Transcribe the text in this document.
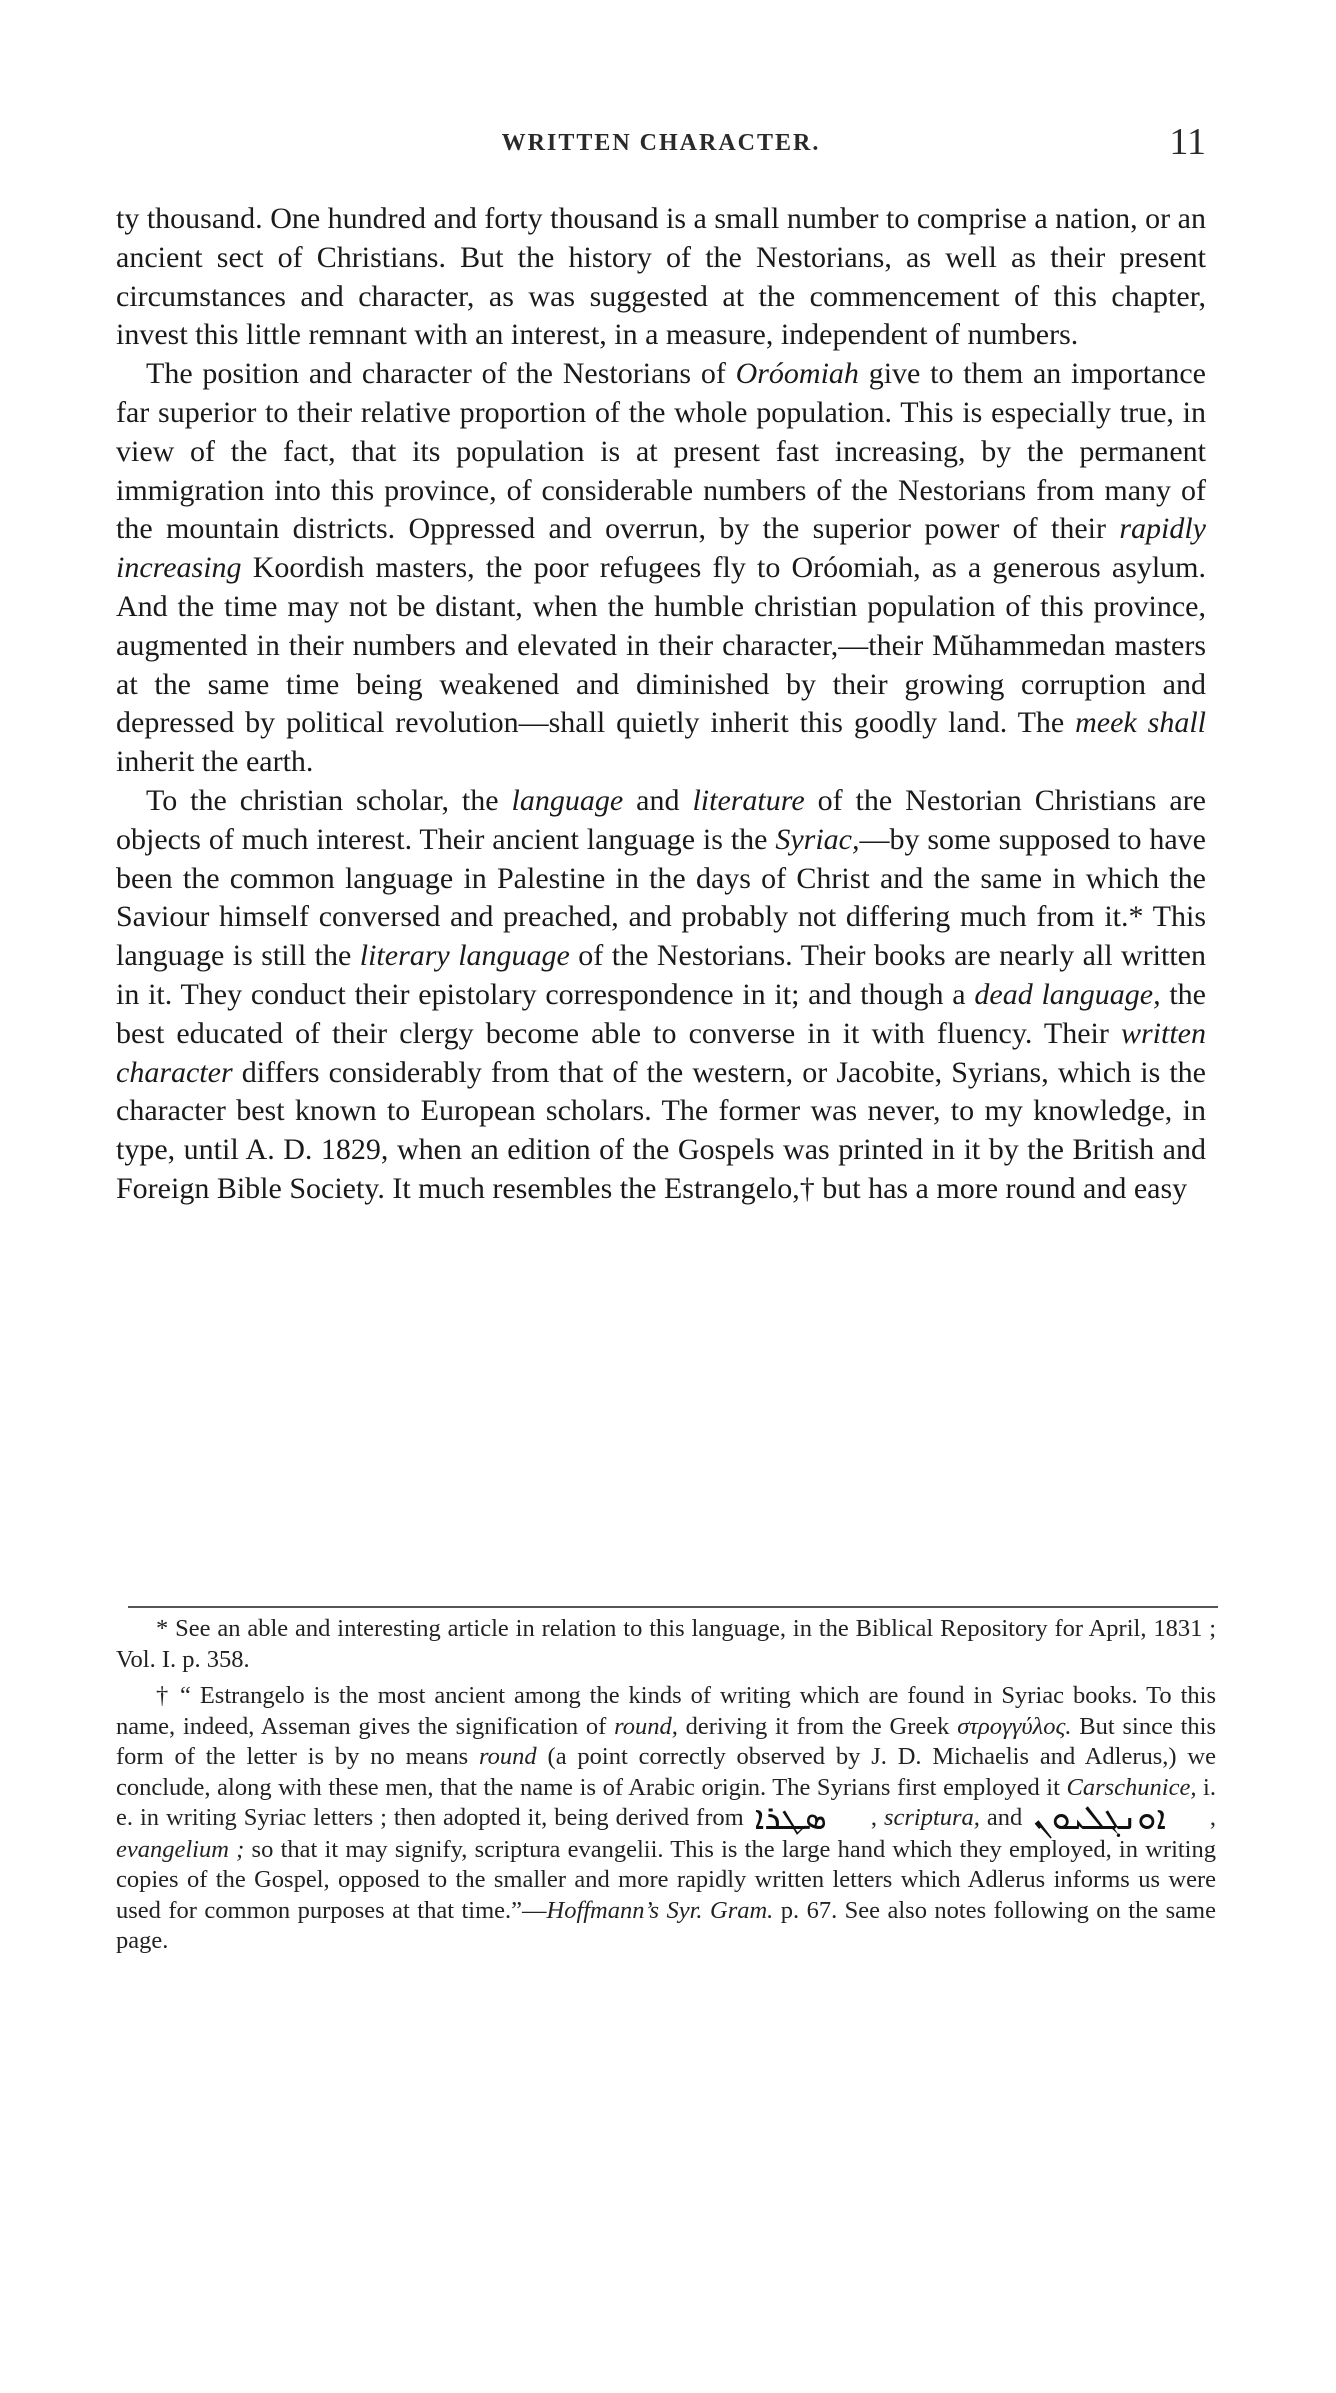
WRITTEN CHARACTER.	11

ty thousand. One hundred and forty thousand is a small number to comprise a nation, or an ancient sect of Christians. But the history of the Nestorians, as well as their present circumstances and character, as was suggested at the commencement of this chapter, invest this little remnant with an interest, in a measure, independent of numbers.

The position and character of the Nestorians of Oróomiah give to them an importance far superior to their relative proportion of the whole population. This is especially true, in view of the fact, that its population is at present fast increasing, by the permanent immigration into this province, of considerable numbers of the Nestorians from many of the mountain districts. Oppressed and overrun, by the superior power of their rapidly increasing Koordish masters, the poor refugees fly to Oróomiah, as a generous asylum. And the time may not be distant, when the humble christian population of this province, augmented in their numbers and elevated in their character,—their Mŭhammedan masters at the same time being weakened and diminished by their growing corruption and depressed by political revolution—shall quietly inherit this goodly land. The meek shall inherit the earth.

To the christian scholar, the language and literature of the Nestorian Christians are objects of much interest. Their ancient language is the Syriac,—by some supposed to have been the common language in Palestine in the days of Christ and the same in which the Saviour himself conversed and preached, and probably not differing much from it.* This language is still the literary language of the Nestorians. Their books are nearly all written in it. They conduct their epistolary correspondence in it; and though a dead language, the best educated of their clergy become able to converse in it with fluency. Their written character differs considerably from that of the western, or Jacobite, Syrians, which is the character best known to European scholars. The former was never, to my knowledge, in type, until A. D. 1829, when an edition of the Gospels was printed in it by the British and Foreign Bible Society. It much resembles the Estrangelo,† but has a more round and easy

* See an able and interesting article in relation to this language, in the Biblical Repository for April, 1831 ; Vol. I. p. 358.

† “ Estrangelo is the most ancient among the kinds of writing which are found in Syriac books. To this name, indeed, Asseman gives the signification of round, deriving it from the Greek στρογγύλος. But since this form of the letter is by no means round (a point correctly observed by J. D. Michaelis and Adlerus,) we conclude, along with these men, that the name is of Arabic origin. The Syrians first employed it Carschunice, i. e. in writing Syriac letters ; then adopted it, being derived from ܣܛܪܐ , scriptura, and ܐܘܢܓܠܝܘܢ , evangelium ; so that it may signify, scriptura evangelii. This is the large hand which they employed, in writing copies of the Gospel, opposed to the smaller and more rapidly written letters which Adlerus informs us were used for common purposes at that time.”—Hoffmann’s Syr. Gram. p. 67. See also notes following on the same page.
